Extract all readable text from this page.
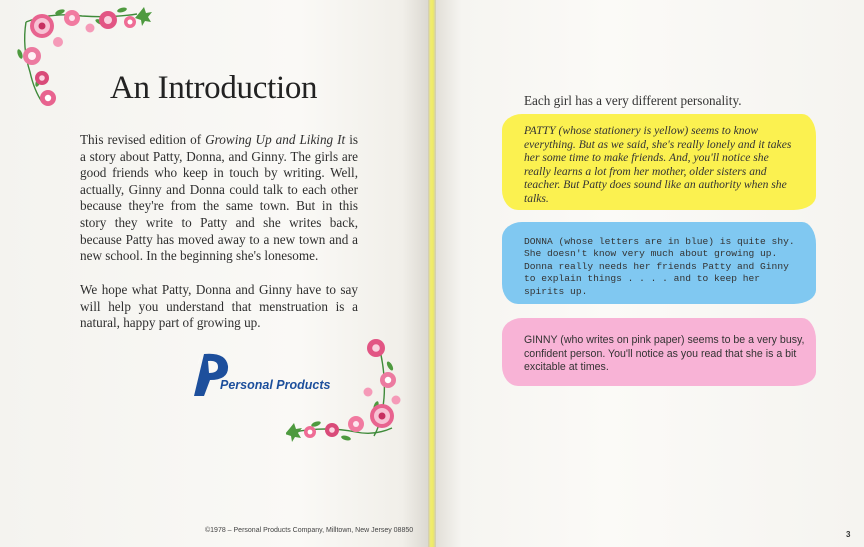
An Introduction

This revised edition of Growing Up and Liking It is a story about Patty, Donna, and Ginny. The girls are good friends who keep in touch by writing. Well, actually, Ginny and Donna could talk to each other because they're from the same town. But in this story they write to Patty and she writes back, because Patty has moved away to a new town and a new school. In the beginning she's lonesome.

We hope what Patty, Donna and Ginny have to say will help you understand that menstruation is a natural, happy part of growing up.

Personal Products
©1978 – Personal Products Company, Milltown, New Jersey 08850

Each girl has a very different personality.

PATTY (whose stationery is yellow) seems to know everything. But as we said, she's really lonely and it takes her some time to make friends. And, you'll notice she really learns a lot from her mother, older sisters and teacher. But Patty does sound like an authority when she talks.

DONNA (whose letters are in blue) is quite shy. She doesn't know very much about growing up. Donna really needs her friends Patty and Ginny to explain things . . . . and to keep her spirits up.

GINNY (who writes on pink paper) seems to be a very busy, confident person. You'll notice as you read that she is a bit excitable at times.

3
